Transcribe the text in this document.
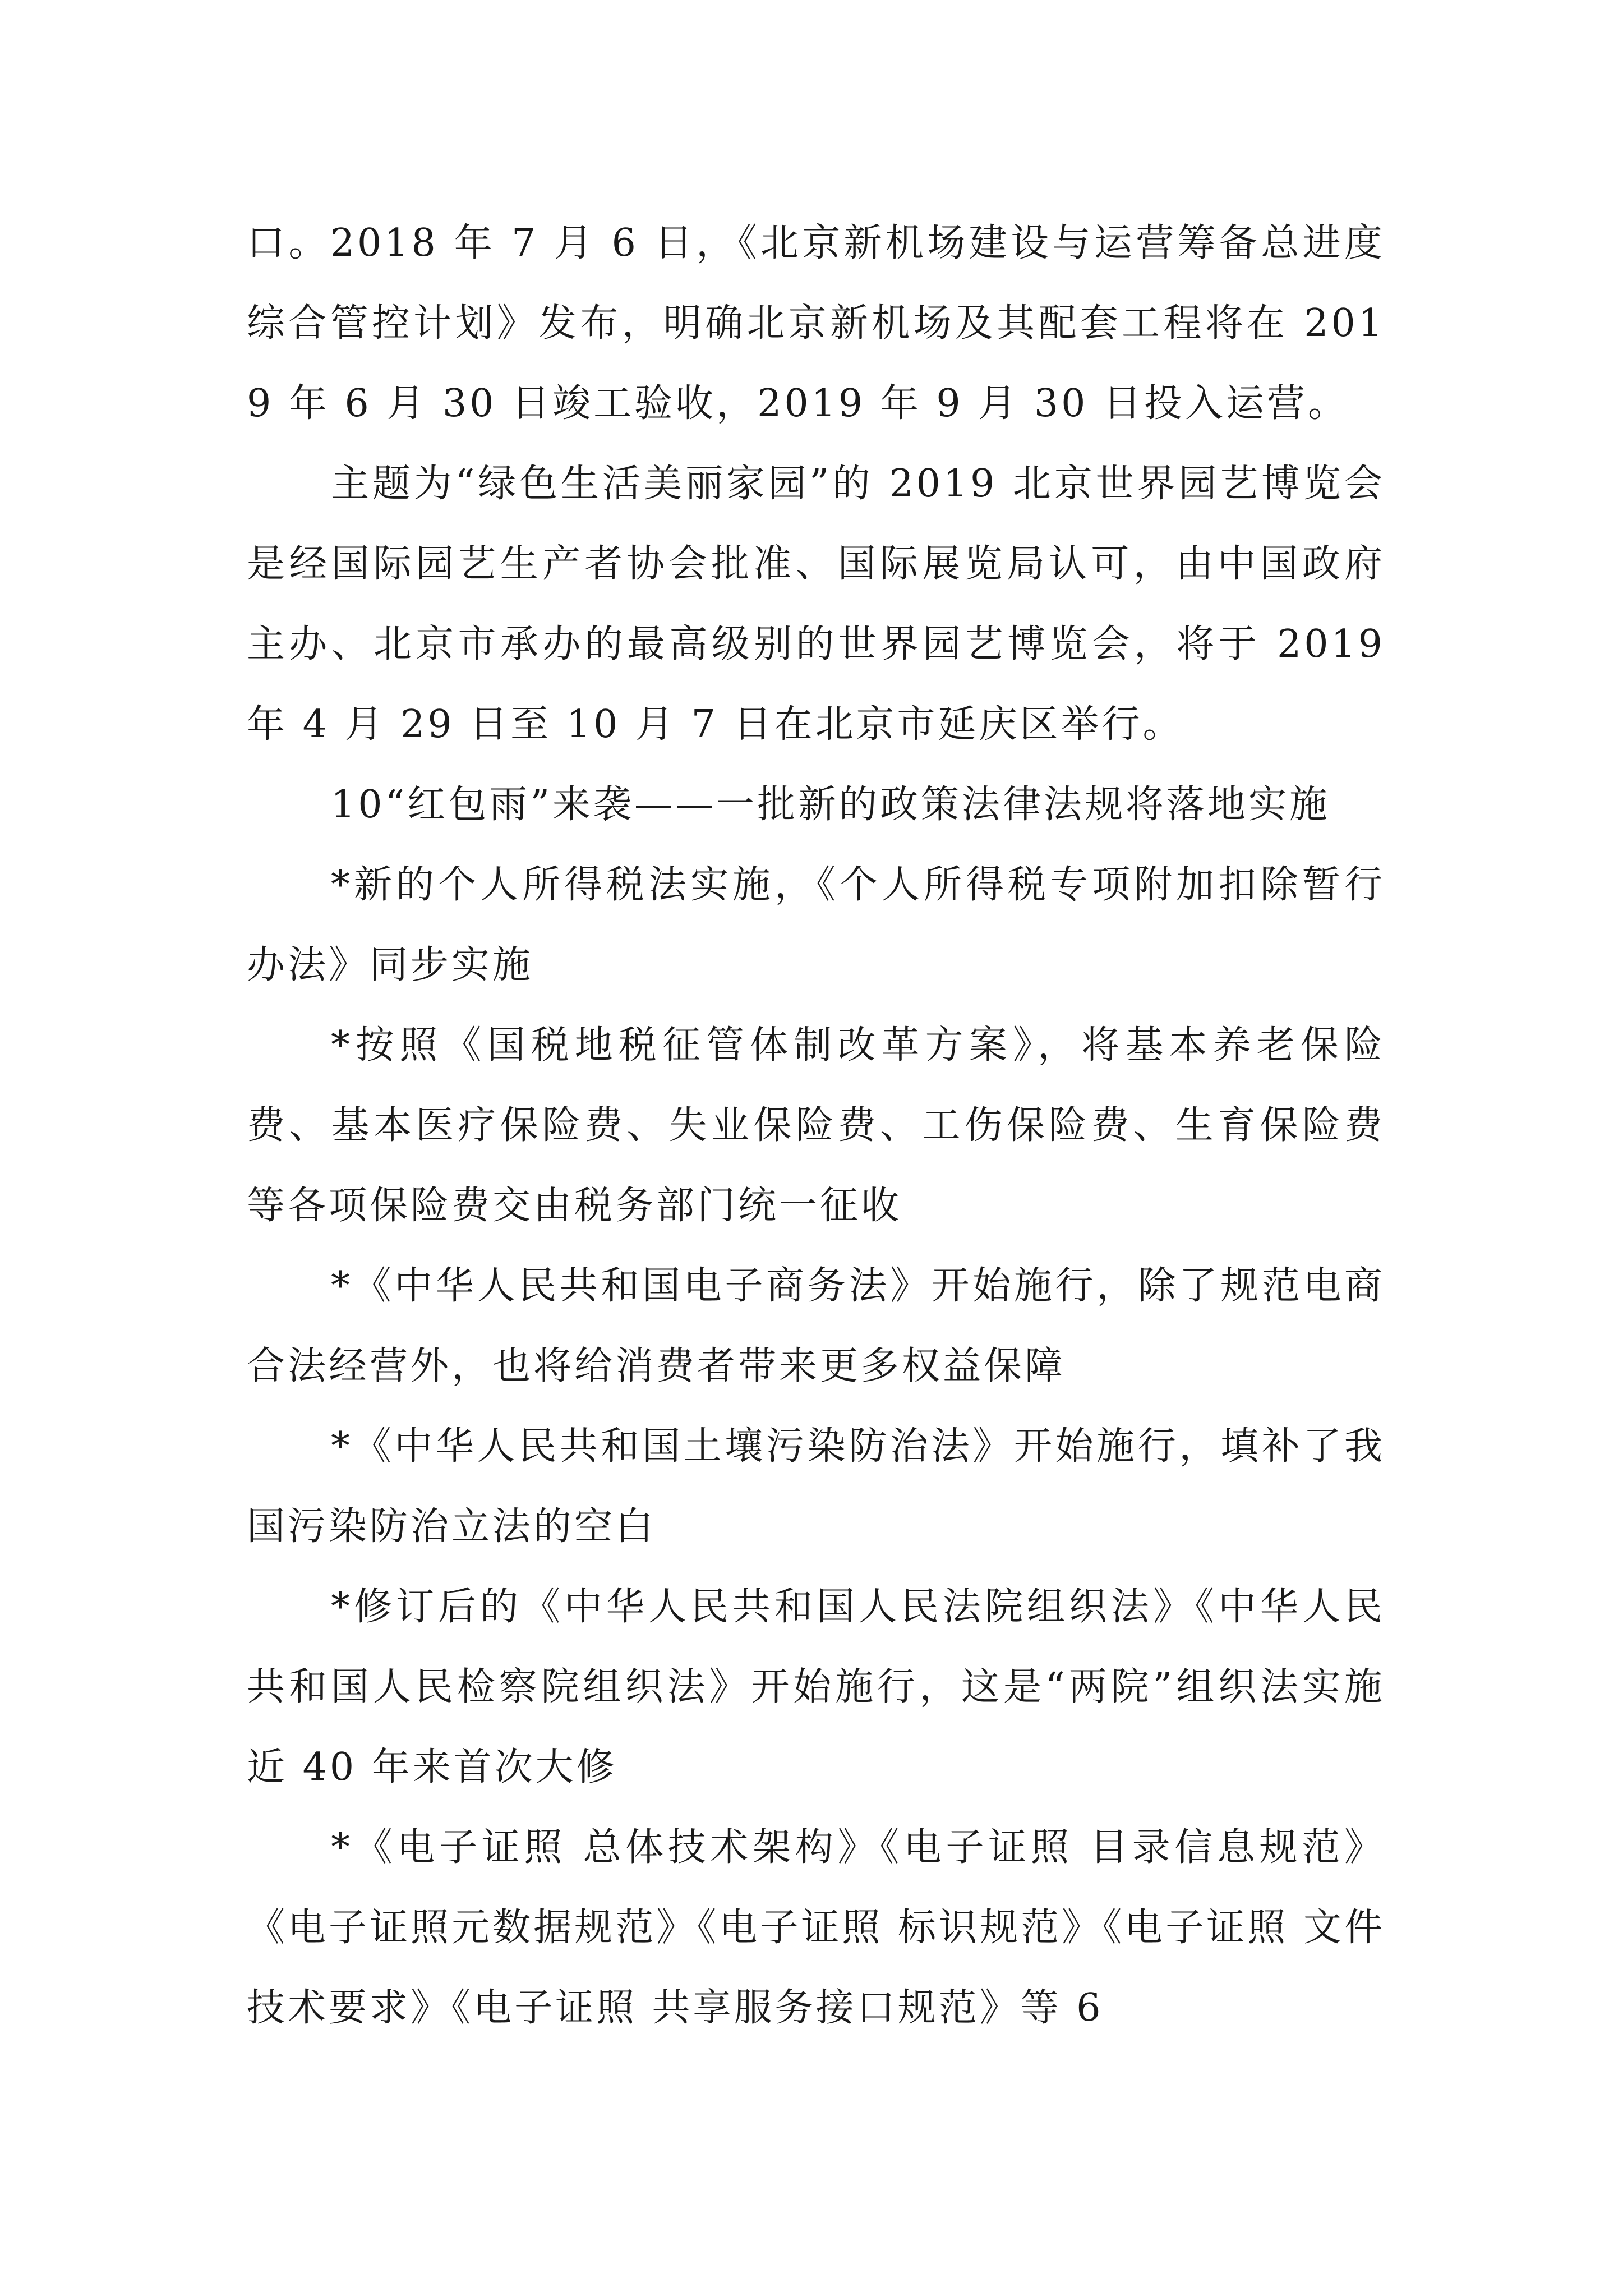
口。2018 年 7 月 6 日，《北京新机场建设与运营筹备总进度综合管控计划》发布，明确北京新机场及其配套工程将在 2019 年 6 月 30 日竣工验收，2019 年 9 月 30 日投入运营。

主题为“绿色生活美丽家园”的 2019 北京世界园艺博览会是经国际园艺生产者协会批准、国际展览局认可，由中国政府主办、北京市承办的最高级别的世界园艺博览会，将于 2019 年 4 月 29 日至 10 月 7 日在北京市延庆区举行。

10“红包雨”来袭——一批新的政策法律法规将落地实施

*新的个人所得税法实施，《个人所得税专项附加扣除暂行办法》同步实施

*按照《国税地税征管体制改革方案》，将基本养老保险费、基本医疗保险费、失业保险费、工伤保险费、生育保险费等各项保险费交由税务部门统一征收

*《中华人民共和国电子商务法》开始施行，除了规范电商合法经营外，也将给消费者带来更多权益保障

*《中华人民共和国土壤污染防治法》开始施行，填补了我国污染防治立法的空白

*修订后的《中华人民共和国人民法院组织法》《中华人民共和国人民检察院组织法》开始施行，这是“两院”组织法实施近 40 年来首次大修

*《电子证照 总体技术架构》《电子证照 目录信息规范》《电子证照元数据规范》《电子证照 标识规范》《电子证照 文件技术要求》《电子证照 共享服务接口规范》等 6
